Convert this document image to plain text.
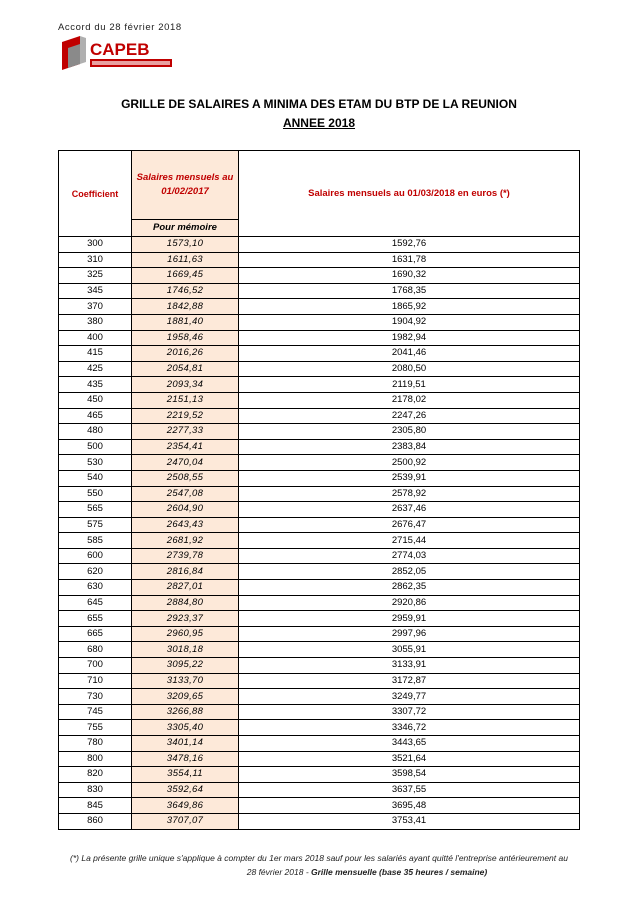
Accord du 28 février 2018
CAPEB
GRILLE DE SALAIRES A MINIMA DES ETAM DU BTP DE LA REUNION
ANNEE 2018
Coefficient	Salaires mensuels au 01/02/2017	Salaires mensuels au 01/03/2018 en euros (*)
	Pour mémoire	
300	1573,10	1592,76
310	1611,63	1631,78
325	1669,45	1690,32
345	1746,52	1768,35
370	1842,88	1865,92
380	1881,40	1904,92
400	1958,46	1982,94
415	2016,26	2041,46
425	2054,81	2080,50
435	2093,34	2119,51
450	2151,13	2178,02
465	2219,52	2247,26
480	2277,33	2305,80
500	2354,41	2383,84
530	2470,04	2500,92
540	2508,55	2539,91
550	2547,08	2578,92
565	2604,90	2637,46
575	2643,43	2676,47
585	2681,92	2715,44
600	2739,78	2774,03
620	2816,84	2852,05
630	2827,01	2862,35
645	2884,80	2920,86
655	2923,37	2959,91
665	2960,95	2997,96
680	3018,18	3055,91
700	3095,22	3133,91
710	3133,70	3172,87
730	3209,65	3249,77
745	3266,88	3307,72
755	3305,40	3346,72
780	3401,14	3443,65
800	3478,16	3521,64
820	3554,11	3598,54
830	3592,64	3637,55
845	3649,86	3695,48
860	3707,07	3753,41
(*) La présente grille unique s'applique à compter du 1er mars 2018 sauf pour les salariés ayant quitté l'entreprise antérieurement au
28 février 2018 - Grille mensuelle (base 35 heures / semaine)
